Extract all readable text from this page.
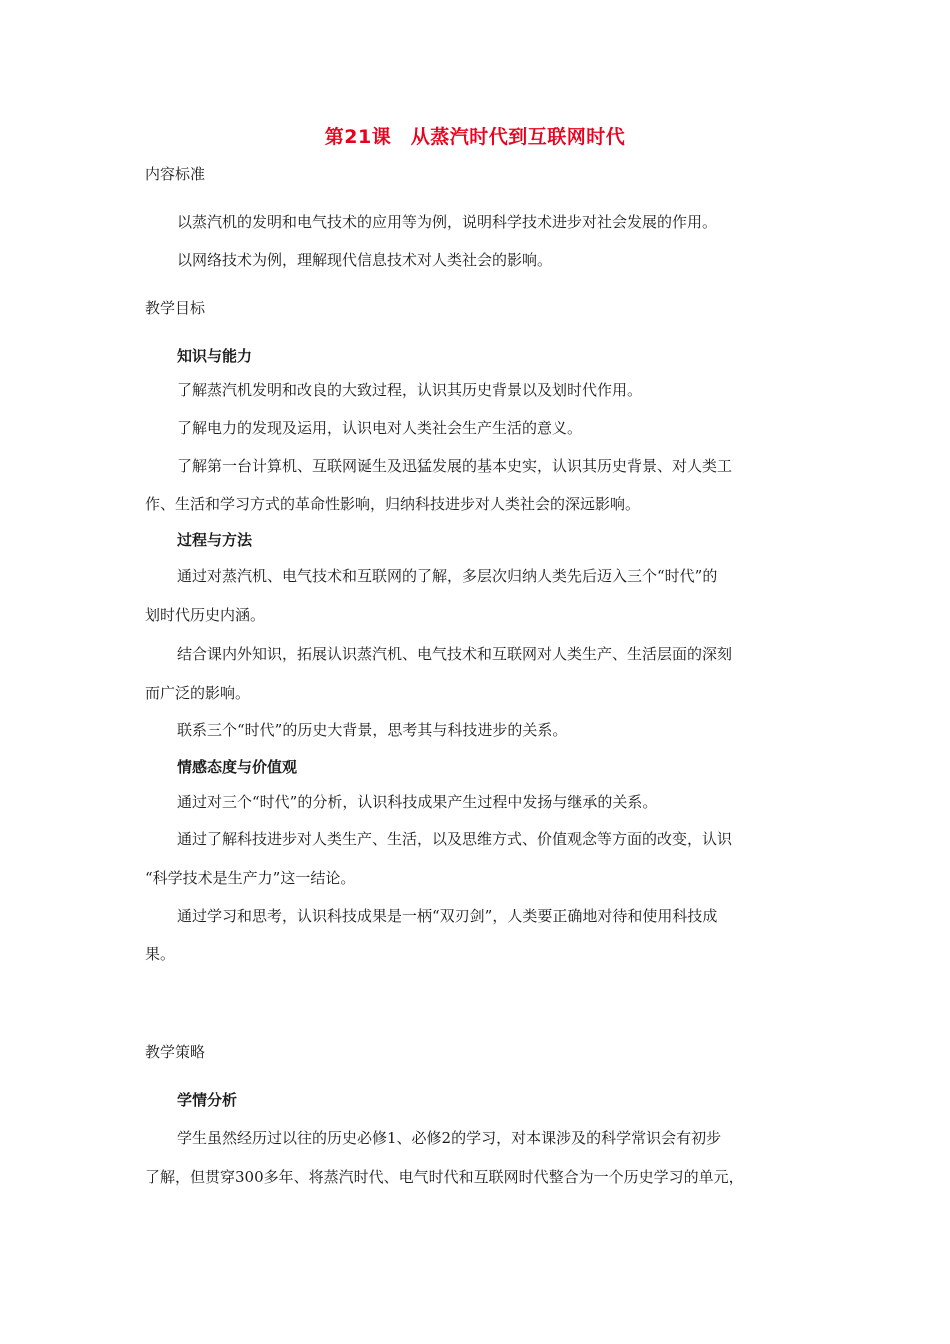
第21课　从蒸汽时代到互联网时代
内容标准
以蒸汽机的发明和电气技术的应用等为例，说明科学技术进步对社会发展的作用。
以网络技术为例，理解现代信息技术对人类社会的影响。
教学目标
知识与能力
了解蒸汽机发明和改良的大致过程，认识其历史背景以及划时代作用。
了解电力的发现及运用，认识电对人类社会生产生活的意义。
了解第一台计算机、互联网诞生及迅猛发展的基本史实，认识其历史背景、对人类工
作、生活和学习方式的革命性影响，归纳科技进步对人类社会的深远影响。
过程与方法
通过对蒸汽机、电气技术和互联网的了解，多层次归纳人类先后迈入三个“时代”的
划时代历史内涵。
结合课内外知识，拓展认识蒸汽机、电气技术和互联网对人类生产、生活层面的深刻
而广泛的影响。
联系三个“时代”的历史大背景，思考其与科技进步的关系。
情感态度与价值观
通过对三个“时代”的分析，认识科技成果产生过程中发扬与继承的关系。
通过了解科技进步对人类生产、生活，以及思维方式、价值观念等方面的改变，认识
“科学技术是生产力”这一结论。
通过学习和思考，认识科技成果是一柄“双刃剑”，人类要正确地对待和使用科技成
果。
教学策略
学情分析
学生虽然经历过以往的历史必修1、必修2的学习，对本课涉及的科学常识会有初步
了解，但贯穿300多年、将蒸汽时代、电气时代和互联网时代整合为一个历史学习的单元，
